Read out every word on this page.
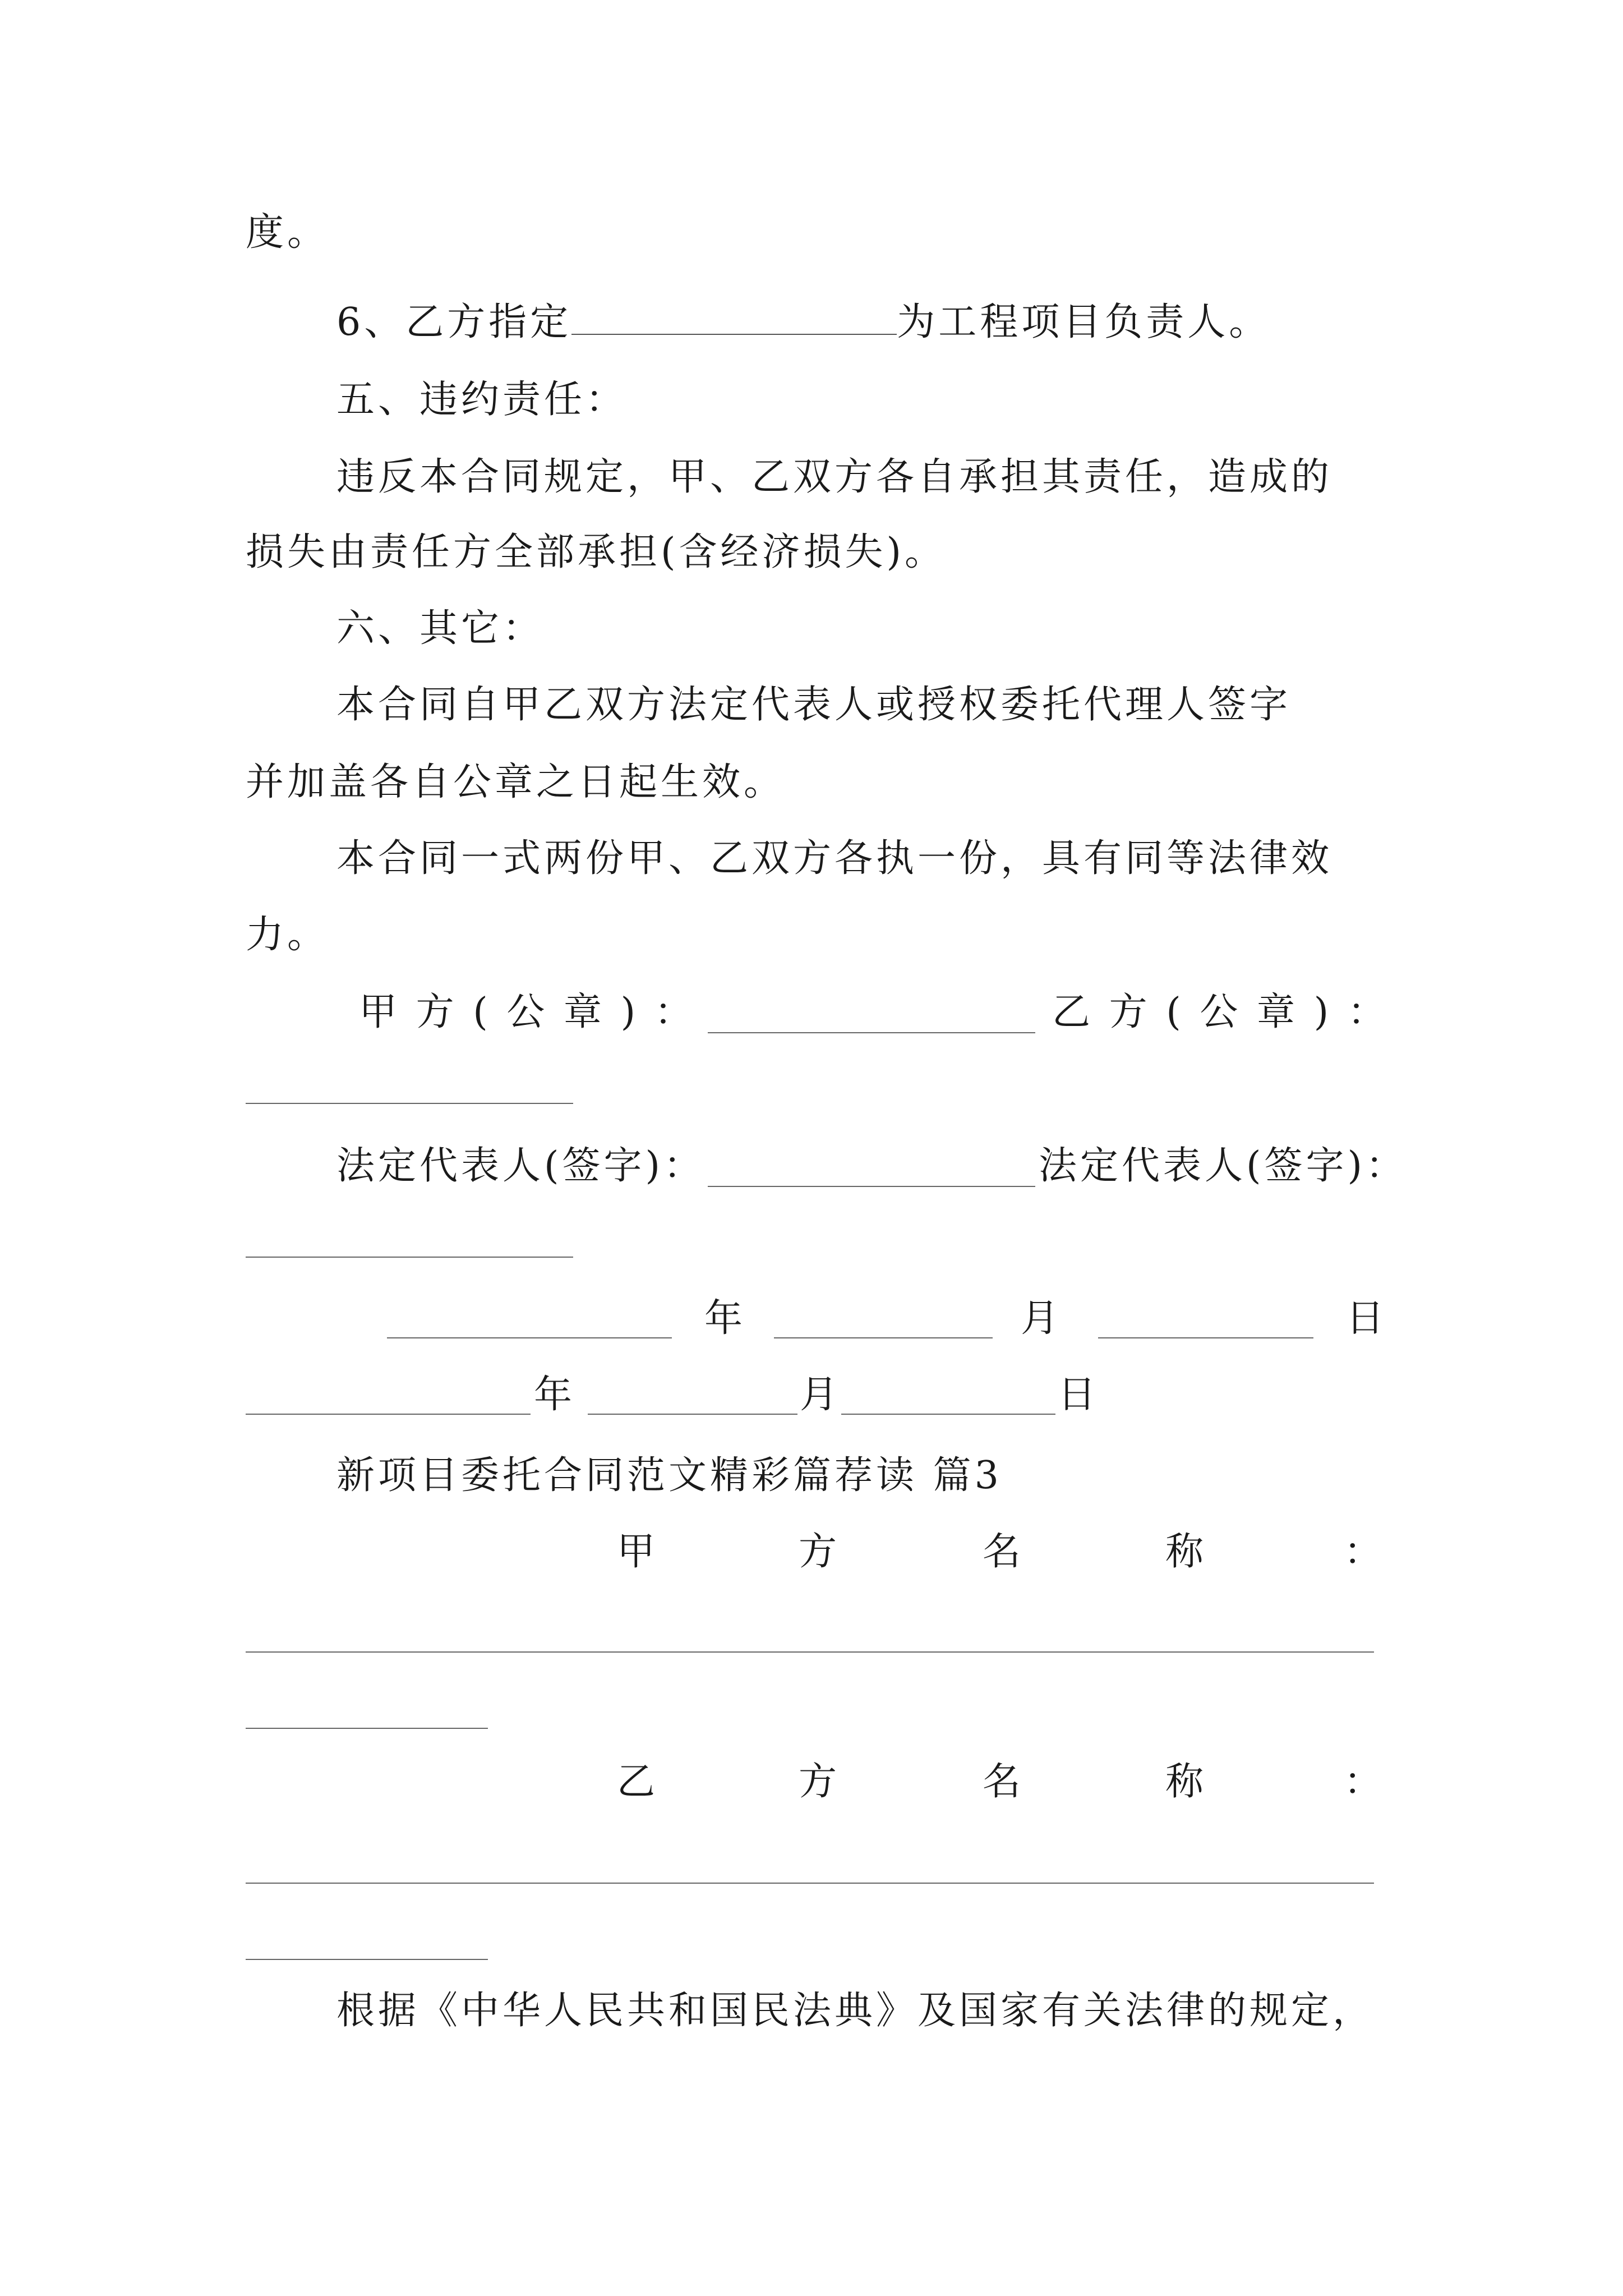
度。
6、乙方指定	为工程项目负责人。
五、违约责任：
违反本合同规定，甲、乙双方各自承担其责任，造成的
损失由责任方全部承担(含经济损失)。
六、其它：
本合同自甲乙双方法定代表人或授权委托代理人签字
并加盖各自公章之日起生效。
本合同一式两份甲、乙双方各执一份，具有同等法律效
力。
甲 方 ( 公 章 ) ：	乙 方 ( 公 章 ) ：
法定代表人(签字)：	法定代表人(签字)：
年	月	日
年	月	日
新项目委托合同范文精彩篇荐读 篇3
甲	方	名	称	：
乙	方	名	称	：
根据《中华人民共和国民法典》及国家有关法律的规定，
